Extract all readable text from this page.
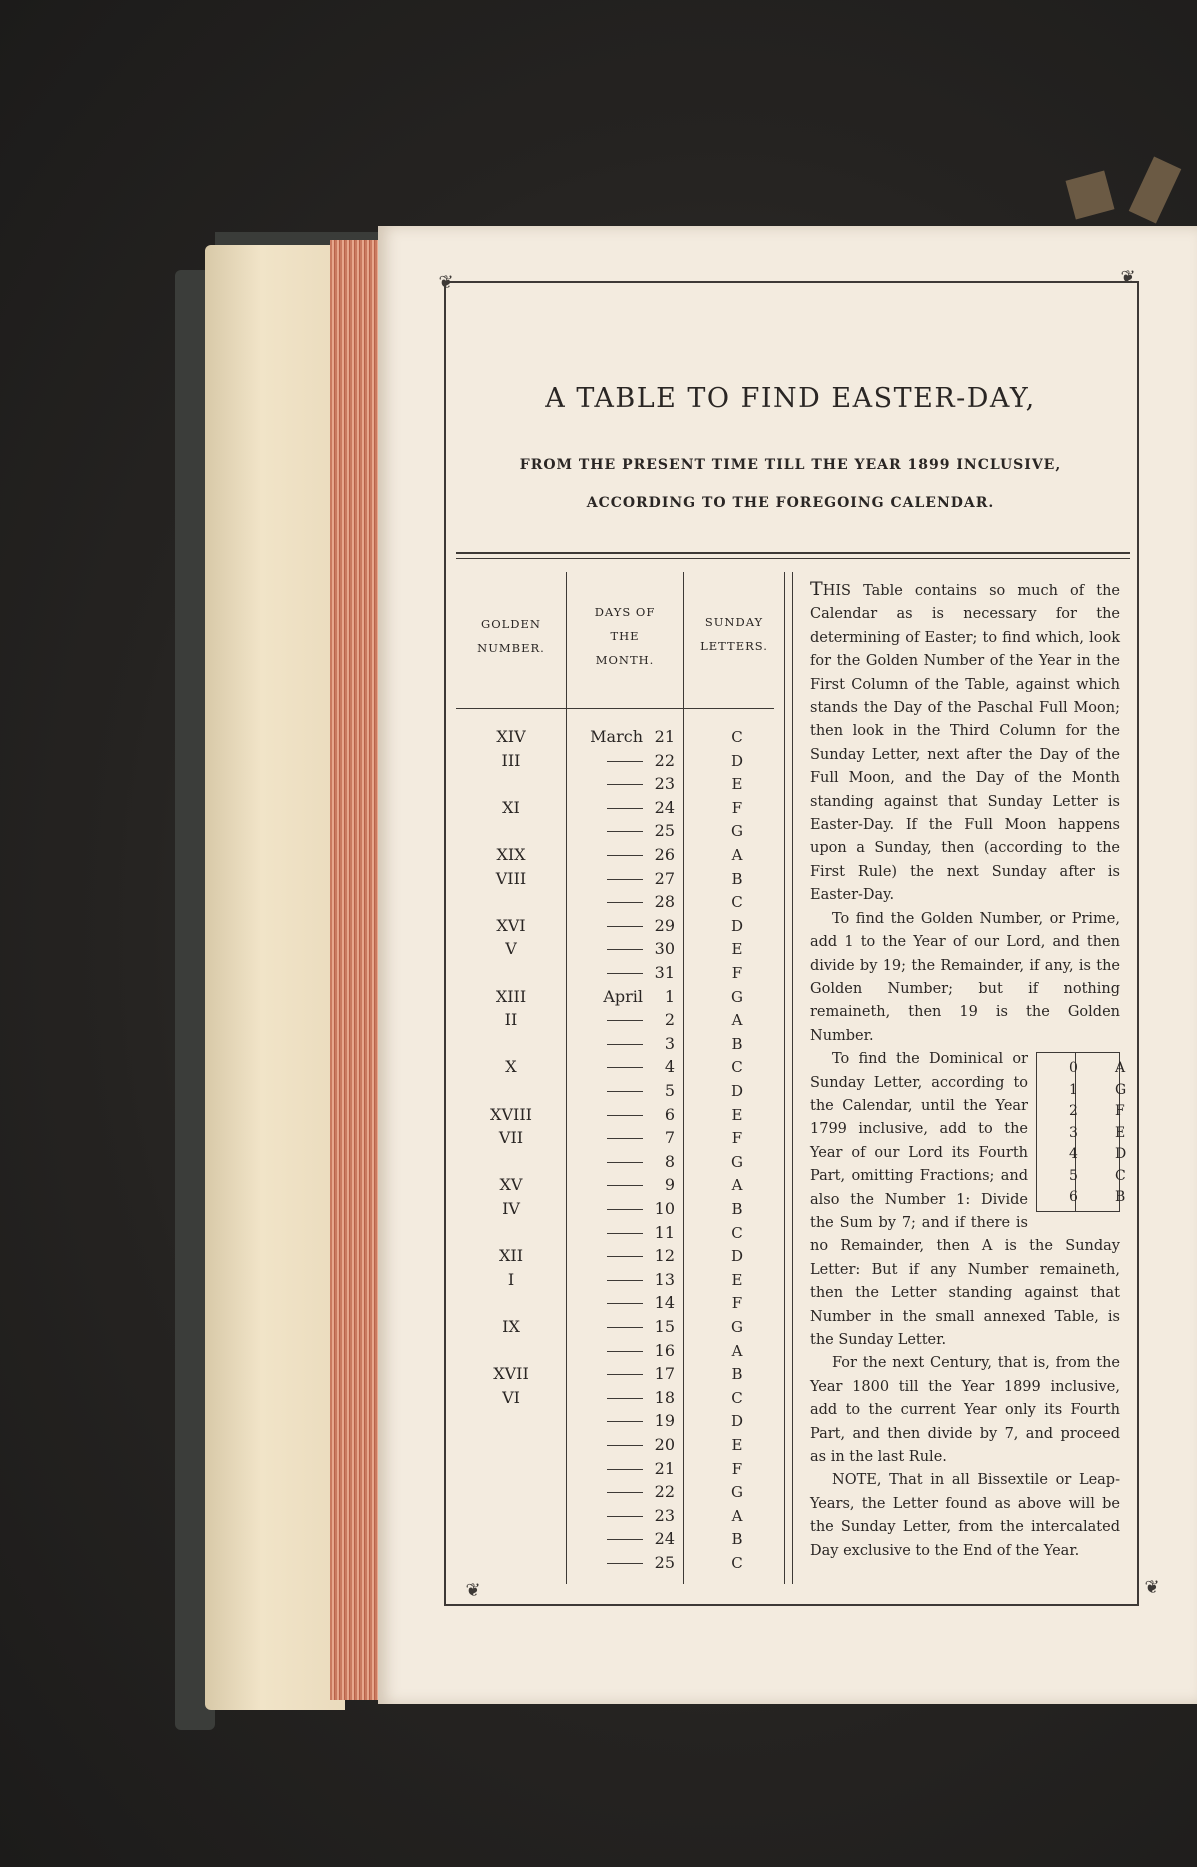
❦	❦
❦	❦
A TABLE TO FIND EASTER-DAY,
FROM THE PRESENT TIME TILL THE YEAR 1899 INCLUSIVE,
ACCORDING TO THE FOREGOING CALENDAR.
GOLDEN
NUMBER.
DAYS OF
THE
MONTH.
SUNDAY
LETTERS.
XIV	March 21	C
III	22	D
23	E
XI	24	F
25	G
XIX	26	A
VIII	27	B
28	C
XVI	29	D
V	30	E
31	F
XIII	April 1	G
II	2	A
3	B
X	4	C
5	D
XVIII	6	E
VII	7	F
8	G
XV	9	A
IV	10	B
11	C
XII	12	D
I	13	E
14	F
IX	15	G
16	A
XVII	17	B
VI	18	C
19	D
20	E
21	F
22	G
23	A
24	B
25	C

THIS Table contains so much of the Calendar as is necessary for the determining of Easter; to find which, look for the Golden Number of the Year in the First Column of the Table, against which stands the Day of the Paschal Full Moon; then look in the Third Column for the Sunday Letter, next after the Day of the Full Moon, and the Day of the Month standing against that Sunday Letter is Easter-Day. If the Full Moon happens upon a Sunday, then (according to the First Rule) the next Sunday after is Easter-Day.

To find the Golden Number, or Prime, add 1 to the Year of our Lord, and then divide by 19; the Remainder, if any, is the Golden Number; but if nothing remaineth, then 19 is the Golden Number.

0	A
1	G
2	F
3	E
4	D
5	C
6	B
To find the Dominical or Sunday Letter, according to the Calendar, until the Year 1799 inclusive, add to the Year of our Lord its Fourth Part, omitting Fractions; and also the Number 1: Divide the Sum by 7; and if there is no Remainder, then A is the Sunday Letter: But if any Number remaineth, then the Letter standing against that Number in the small annexed Table, is the Sunday Letter.

For the next Century, that is, from the Year 1800 till the Year 1899 inclusive, add to the current Year only its Fourth Part, and then divide by 7, and proceed as in the last Rule.

NOTE, That in all Bissextile or Leap-Years, the Letter found as above will be the Sunday Letter, from the intercalated Day exclusive to the End of the Year.
